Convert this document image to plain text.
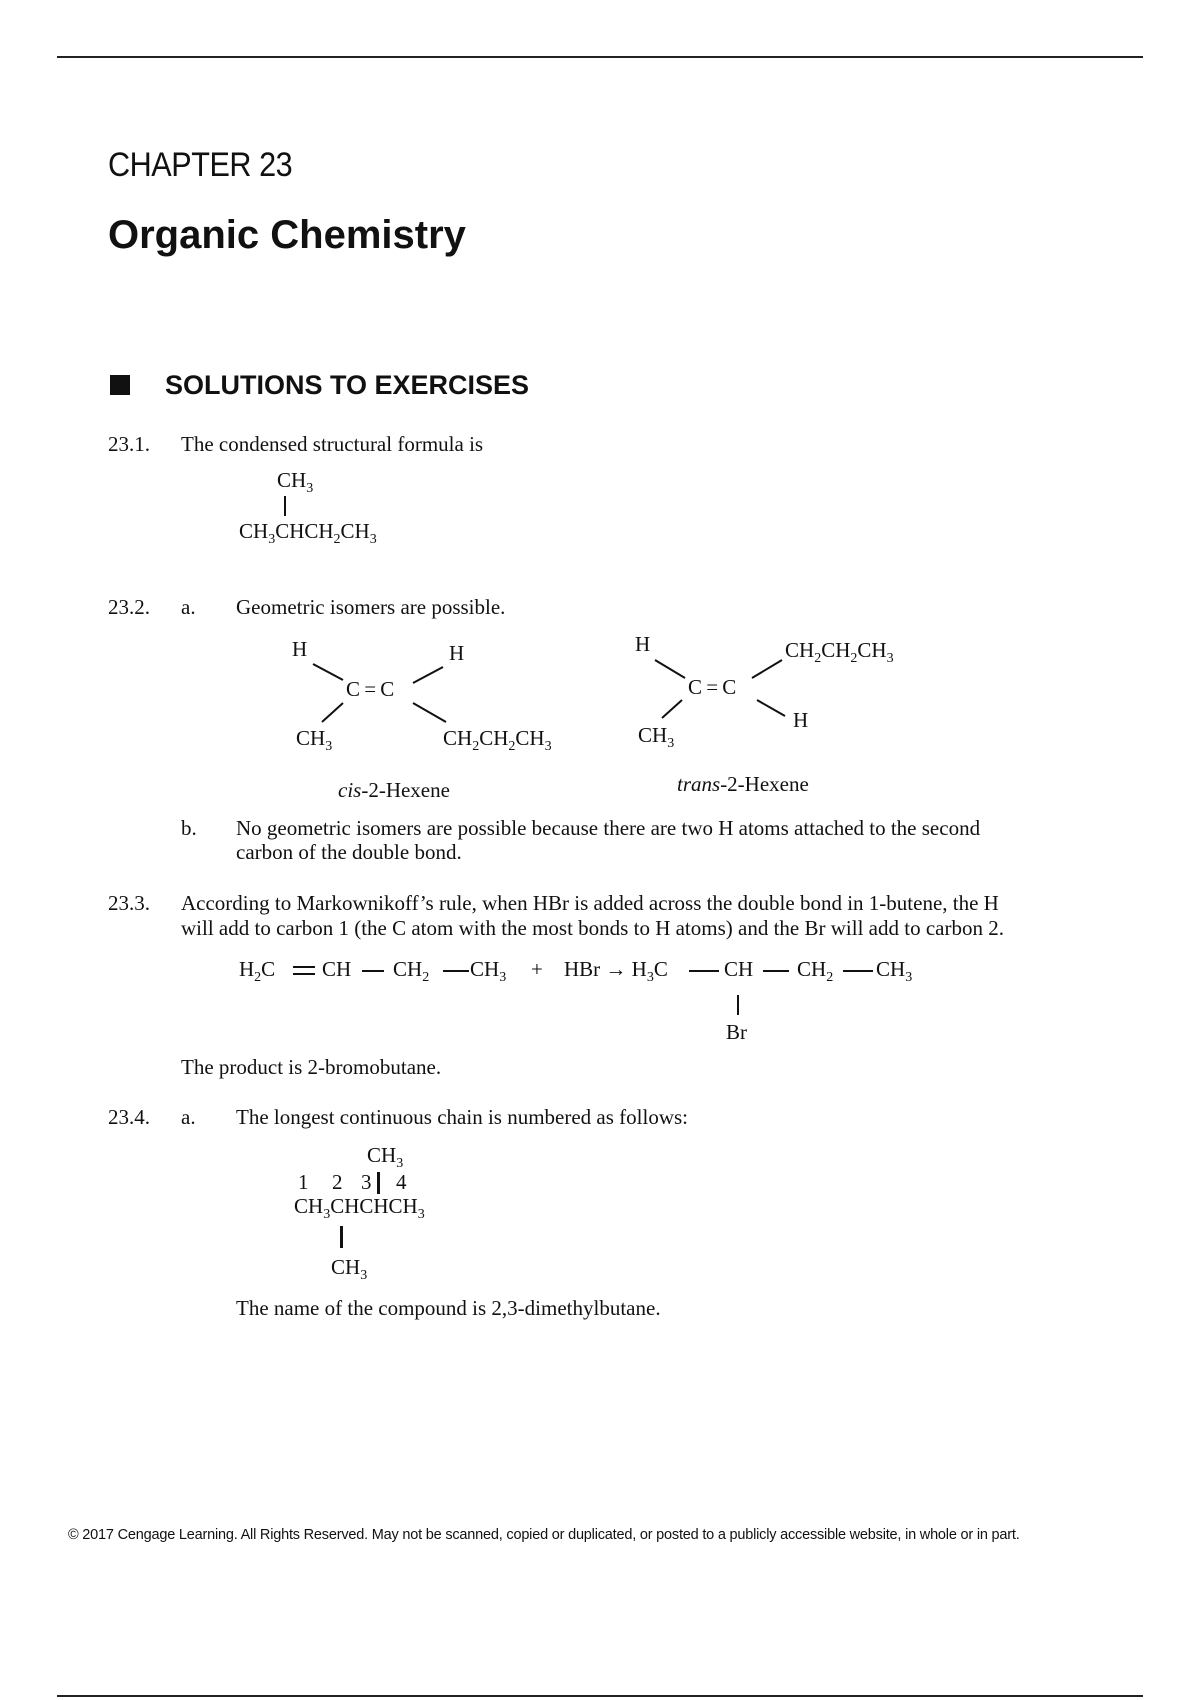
CHAPTER 23
Organic Chemistry
SOLUTIONS TO EXERCISES
23.1. The condensed structural formula is
$CH_3$
$CH_3CHCH_2CH_3$
23.2. a. Geometric isomers are possible.
H	H
C = C
$CH_3$	$CH_2CH_2CH_3$
cis-2-Hexene
H	$CH_2CH_2CH_3$
C = C
H
$CH_3$
trans-2-Hexene
b. No geometric isomers are possible because there are two H atoms attached to the second
carbon of the double bond.
23.3. According to Markownikoff’s rule, when HBr is added across the double bond in 1-butene, the H
will add to carbon 1 (the C atom with the most bonds to H atoms) and the Br will add to carbon 2.
$H_2C$ CH $CH_2$ $CH_3$ + HBr → $H_3C$	CH $CH_2$ $CH_3$
Br
The product is 2-bromobutane.
23.4. a. The longest continuous chain is numbered as follows:
$CH_3$
1 2 3 4
$CH_3CHCHCH_3$
$CH_3$
The name of the compound is 2,3-dimethylbutane.
© 2017 Cengage Learning. All Rights Reserved. May not be scanned, copied or duplicated, or posted to a publicly accessible website, in whole or in part.
